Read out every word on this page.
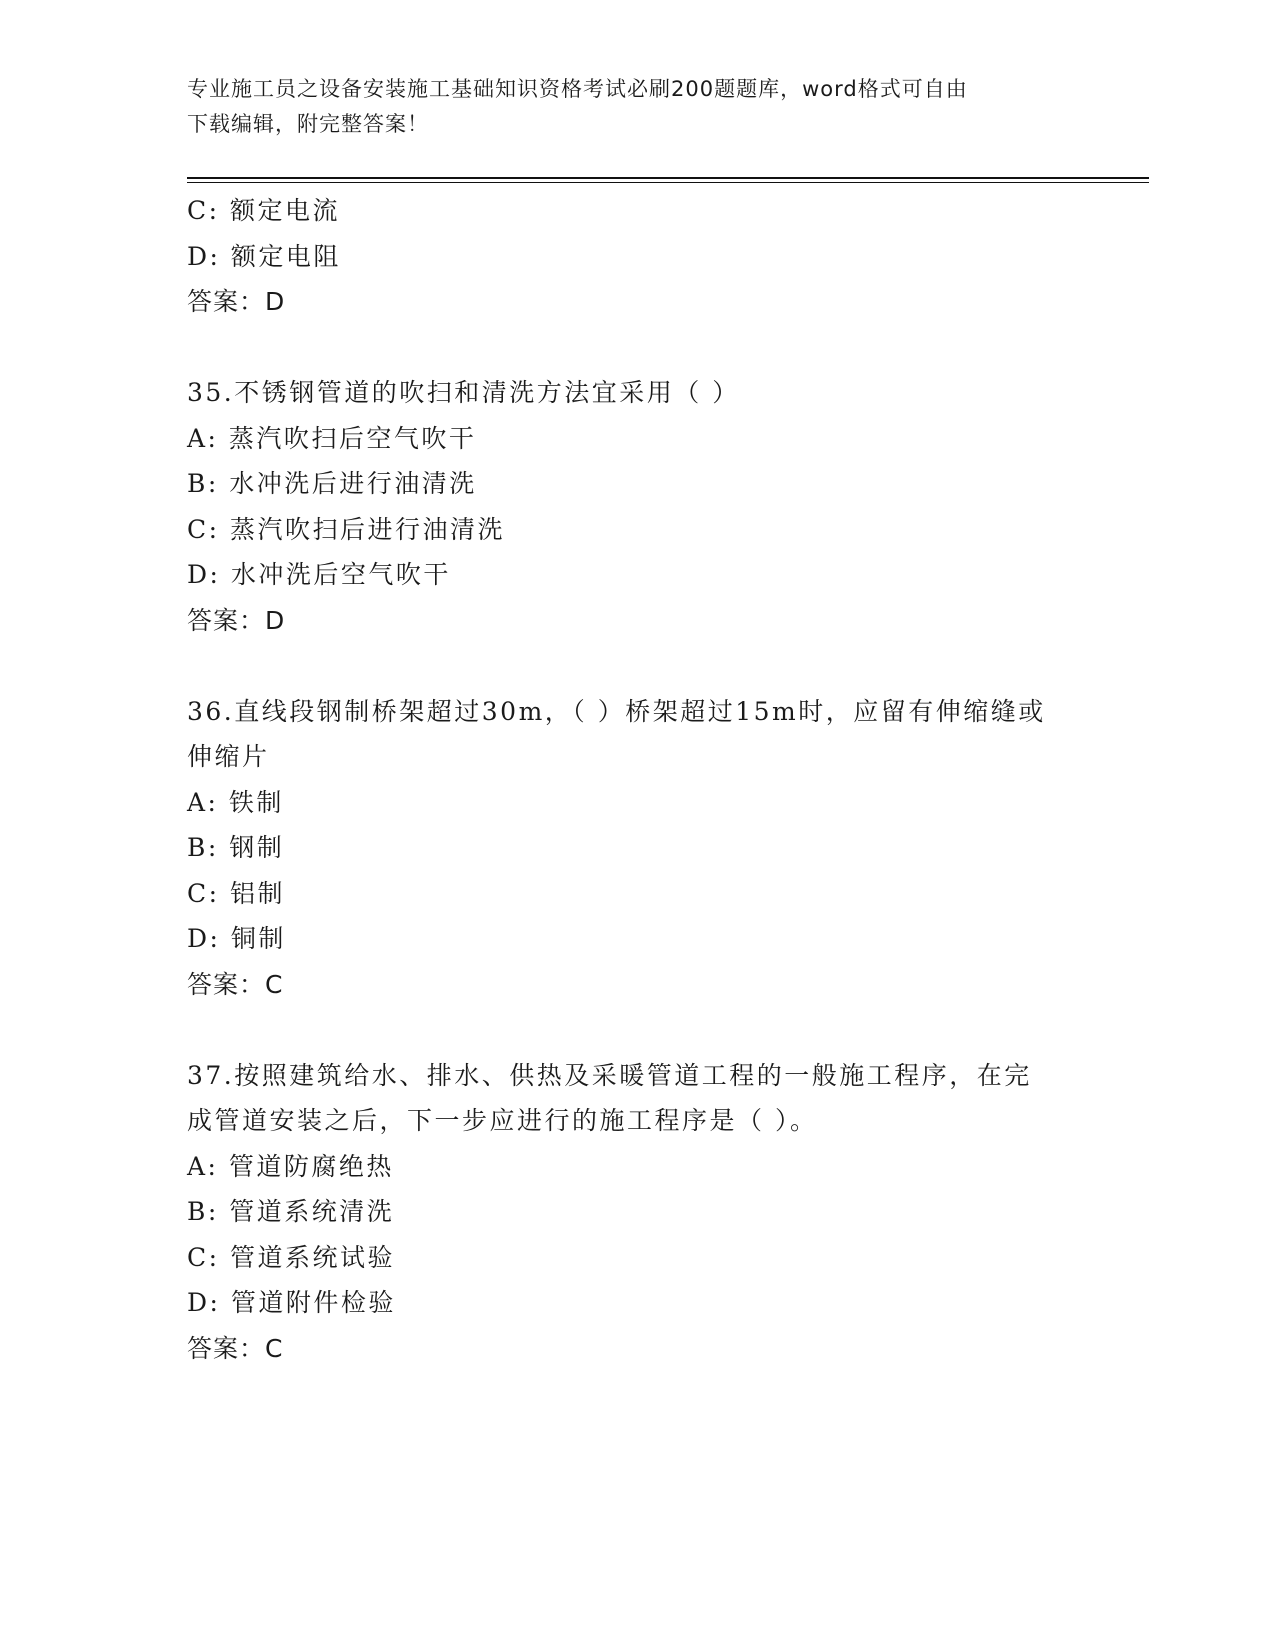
专业施工员之设备安装施工基础知识资格考试必刷200题题库，word格式可自由
下载编辑，附完整答案！
C: 额定电流
D: 额定电阻
答案：D
35.不锈钢管道的吹扫和清洗方法宜采用（ ）
A: 蒸汽吹扫后空气吹干
B: 水冲洗后进行油清洗
C: 蒸汽吹扫后进行油清洗
D: 水冲洗后空气吹干
答案：D
36.直线段钢制桥架超过30m，（ ）桥架超过15m时，应留有伸缩缝或
伸缩片
A: 铁制
B: 钢制
C: 铝制
D: 铜制
答案：C
37.按照建筑给水、排水、供热及采暖管道工程的一般施工程序，在完
成管道安装之后，下一步应进行的施工程序是（ ）。
A: 管道防腐绝热
B: 管道系统清洗
C: 管道系统试验
D: 管道附件检验
答案：C
